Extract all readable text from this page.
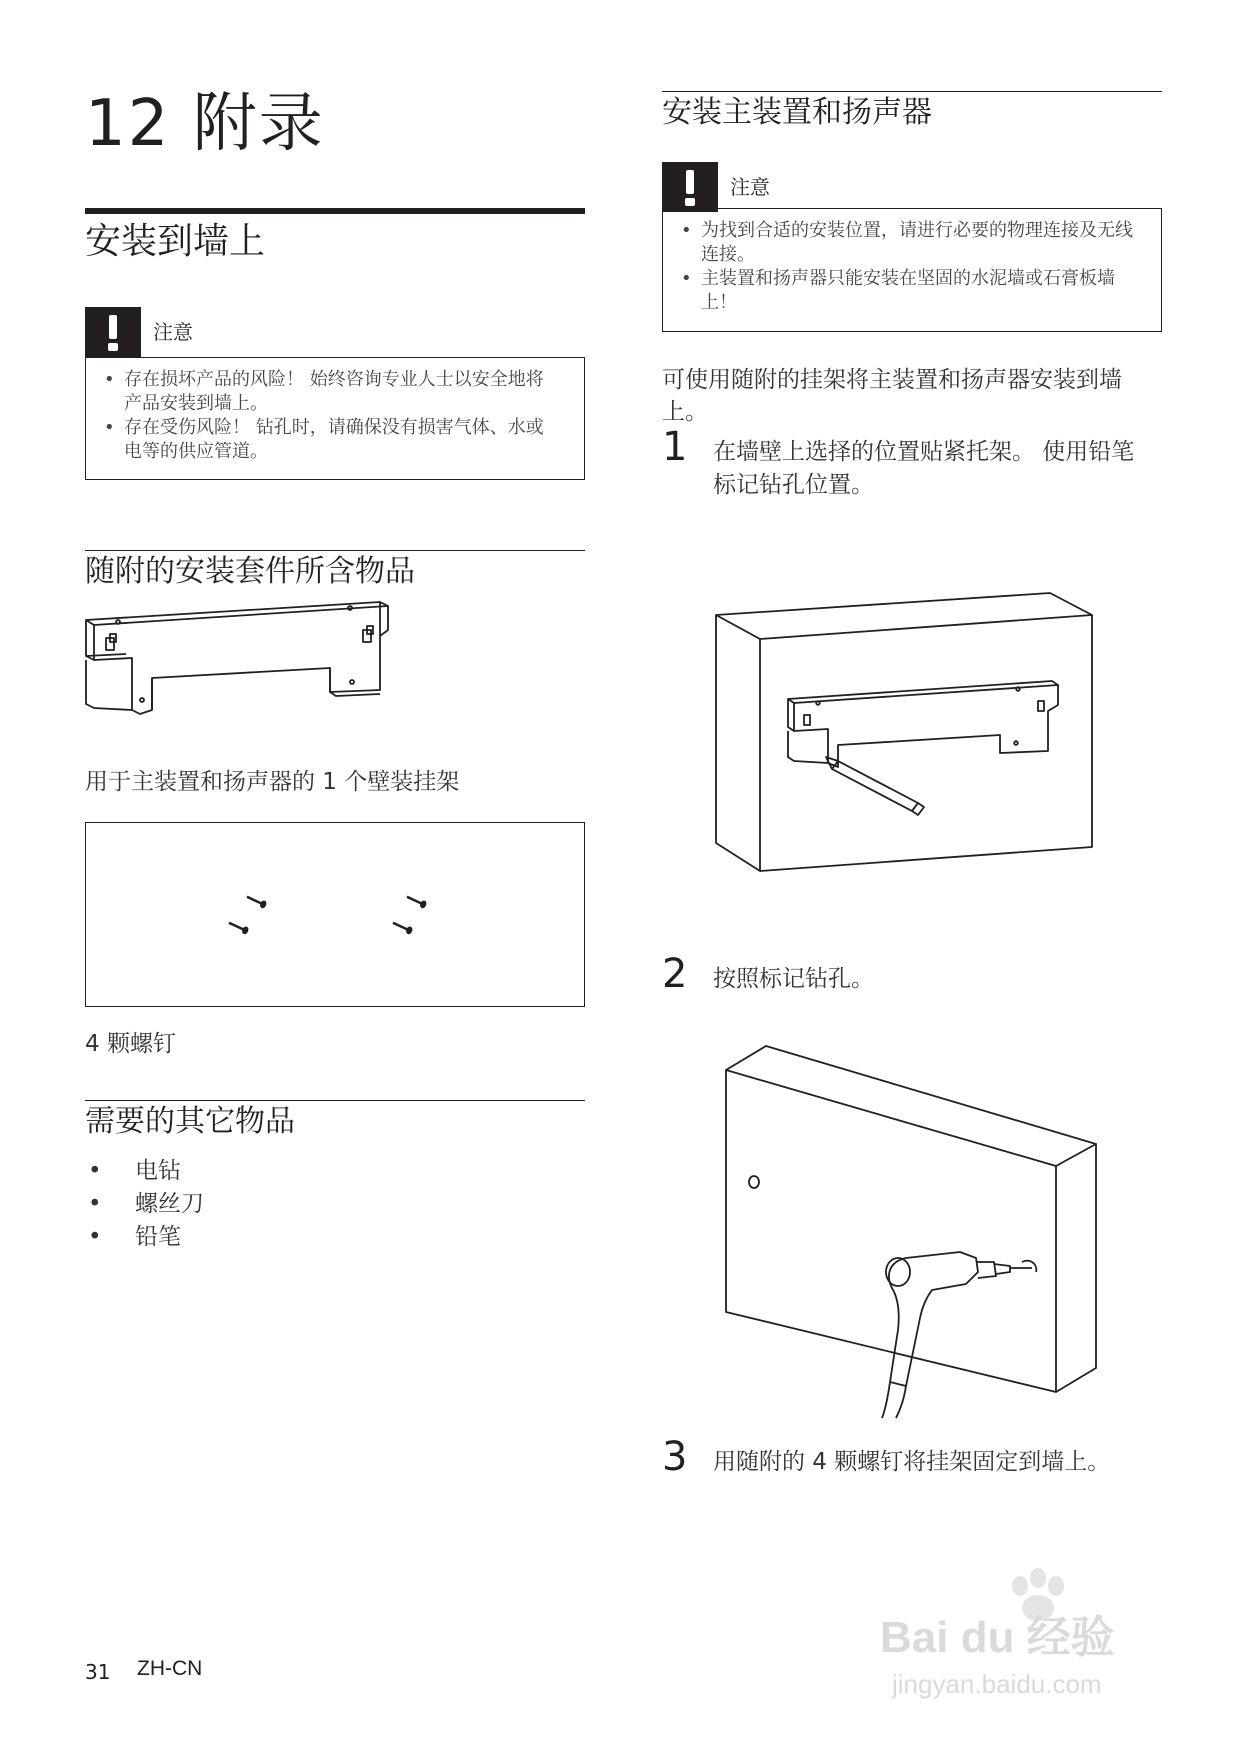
12 附录
安装到墙上
注意
• 存在损坏产品的风险！ 始终咨询专业人士以安全地将产品安装到墙上。
• 存在受伤风险！ 钻孔时，请确保没有损害气体、水或电等的供应管道。
随附的安装套件所含物品
用于主装置和扬声器的 1 个壁装挂架
4 颗螺钉
需要的其它物品
• 电钻
• 螺丝刀
• 铅笔
安装主装置和扬声器
注意
• 为找到合适的安装位置，请进行必要的物理连接及无线连接。
• 主装置和扬声器只能安装在坚固的水泥墙或石膏板墙上！
可使用随附的挂架将主装置和扬声器安装到墙上。
1 在墙壁上选择的位置贴紧托架。 使用铅笔标记钻孔位置。
2 按照标记钻孔。
3 用随附的 4 颗螺钉将挂架固定到墙上。
31 ZH-CN
Bai du 经验
jingyan.baidu.com
